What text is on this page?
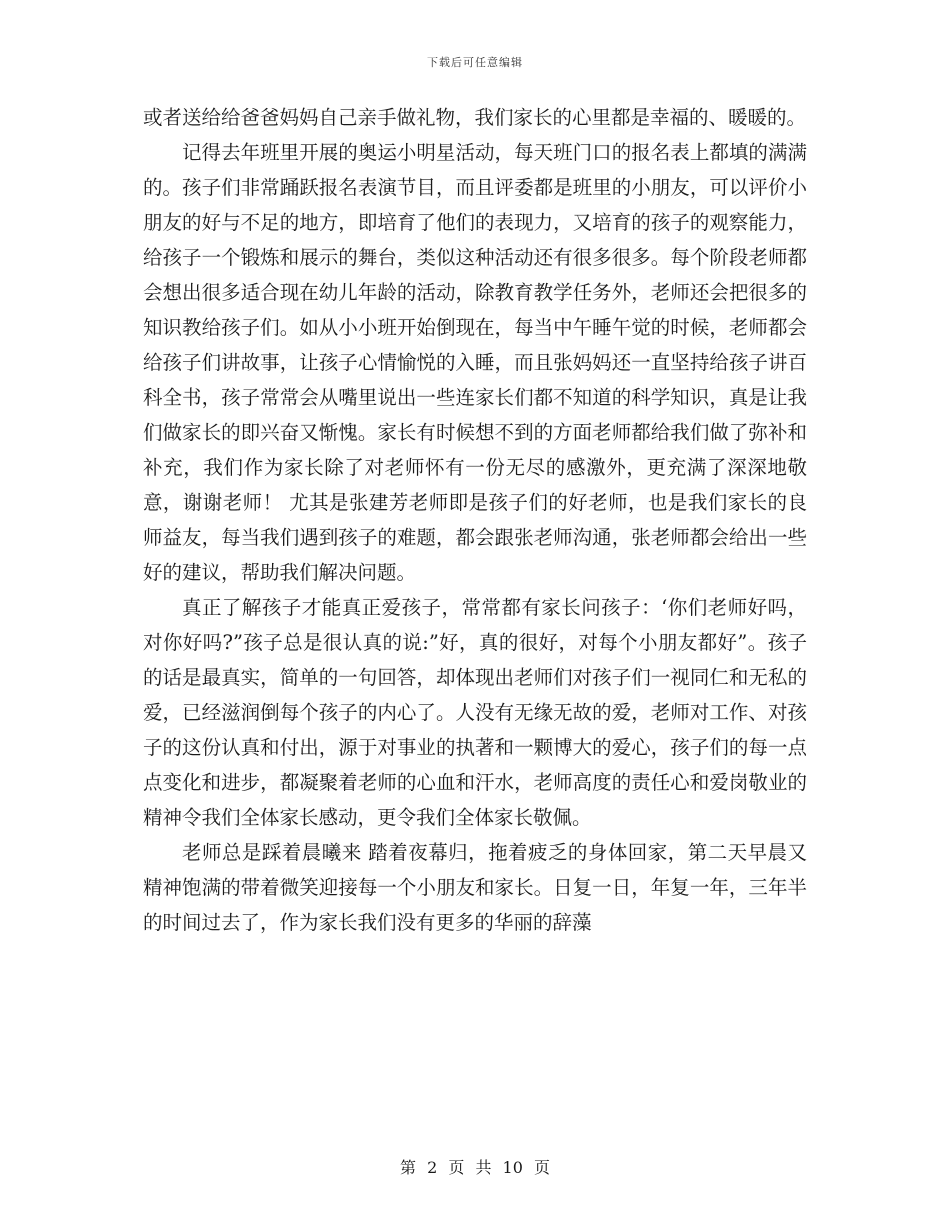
下载后可任意编辑

或者送给给爸爸妈妈自己亲手做礼物，我们家长的心里都是幸福的、暖暖的。

记得去年班里开展的奥运小明星活动，每天班门口的报名表上都填的满满的。孩子们非常踊跃报名表演节目，而且评委都是班里的小朋友，可以评价小朋友的好与不足的地方，即培育了他们的表现力，又培育的孩子的观察能力，给孩子一个锻炼和展示的舞台，类似这种活动还有很多很多。每个阶段老师都会想出很多适合现在幼儿年龄的活动，除教育教学任务外，老师还会把很多的知识教给孩子们。如从小小班开始倒现在，每当中午睡午觉的时候，老师都会给孩子们讲故事，让孩子心情愉悦的入睡，而且张妈妈还一直坚持给孩子讲百科全书，孩子常常会从嘴里说出一些连家长们都不知道的科学知识，真是让我们做家长的即兴奋又惭愧。家长有时候想不到的方面老师都给我们做了弥补和补充，我们作为家长除了对老师怀有一份无尽的感激外，更充满了深深地敬意，谢谢老师！ 尤其是张建芳老师即是孩子们的好老师，也是我们家长的良师益友，每当我们遇到孩子的难题，都会跟张老师沟通，张老师都会给出一些好的建议，帮助我们解决问题。

真正了解孩子才能真正爱孩子，常常都有家长问孩子：‘你们老师好吗，对你好吗?”孩子总是很认真的说:”好，真的很好，对每个小朋友都好”。孩子的话是最真实，简单的一句回答，却体现出老师们对孩子们一视同仁和无私的爱，已经滋润倒每个孩子的内心了。人没有无缘无故的爱，老师对工作、对孩子的这份认真和付出，源于对事业的执著和一颗博大的爱心，孩子们的每一点点变化和进步，都凝聚着老师的心血和汗水，老师高度的责任心和爱岗敬业的精神令我们全体家长感动，更令我们全体家长敬佩。

老师总是踩着晨曦来 踏着夜幕归，拖着疲乏的身体回家，第二天早晨又精神饱满的带着微笑迎接每一个小朋友和家长。日复一日，年复一年，三年半的时间过去了，作为家长我们没有更多的华丽的辞藻

第 2 页 共 10 页
